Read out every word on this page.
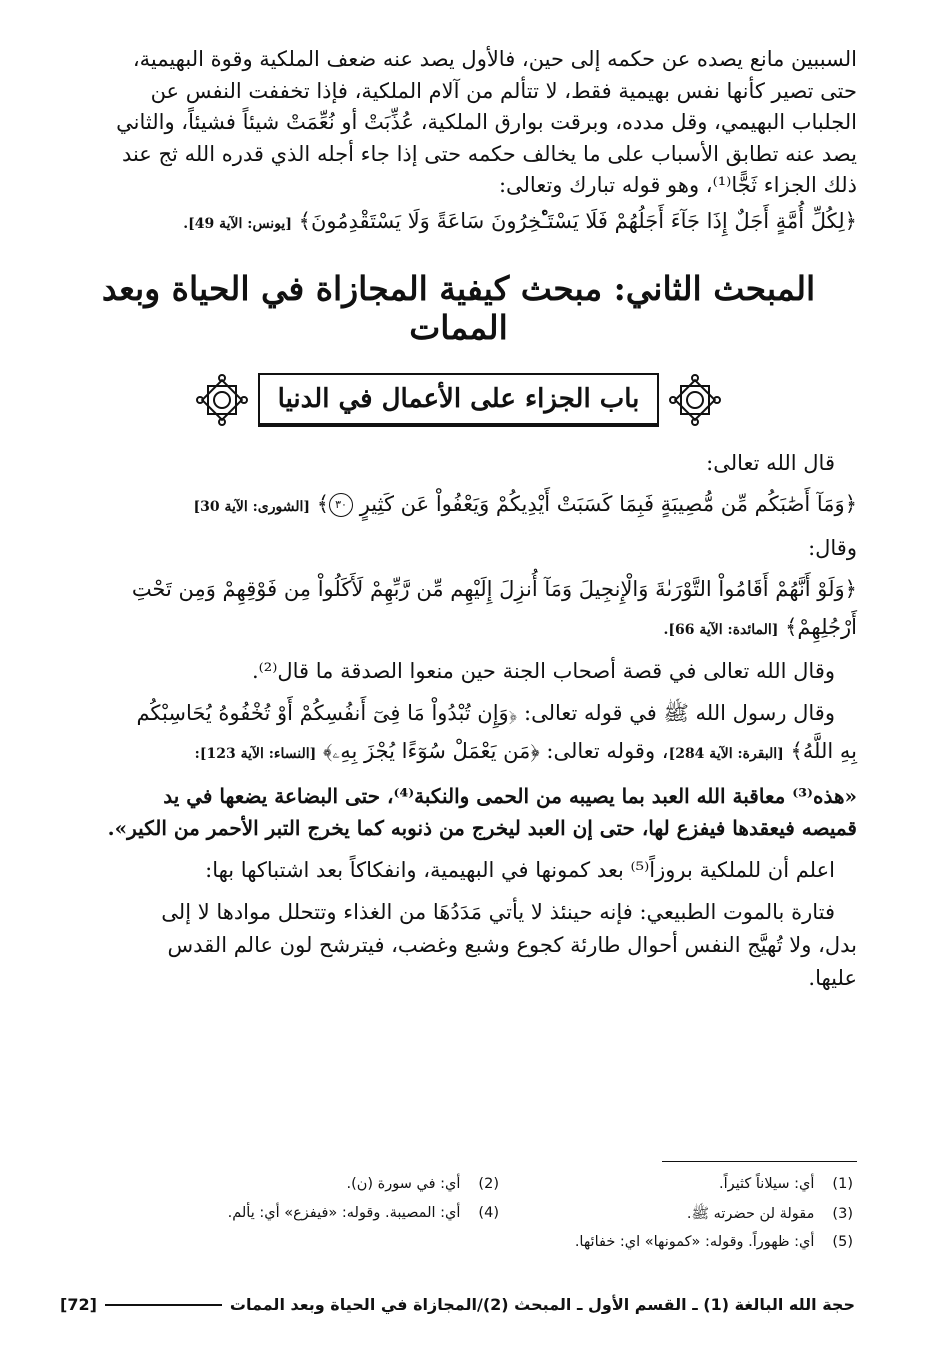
السببين مانع يصده عن حكمه إلى حين، فالأول يصد عنه ضعف الملكية وقوة البهيمية،

حتى تصير كأنها نفس بهيمية فقط، لا تتألم من آلام الملكية، فإذا تخففت النفس عن

الجلباب البهيمي، وقل مدده، وبرقت بوارق الملكية، عُذِّبَتْ أو نُعِّمَتْ شيئاً فشيئاً، والثاني

يصد عنه تطابق الأسباب على ما يخالف حكمه حتى إذا جاء أجله الذي قدره الله ثج عند

ذلك الجزاء ثَجًّا⁽¹⁾، وهو قوله تبارك وتعالى:

﴿لِكُلِّ أُمَّةٍ أَجَلٌ إِذَا جَآءَ أَجَلُهُمْ فَلَا يَسْتَـْٔخِرُونَ سَاعَةً وَلَا يَسْتَقْدِمُونَ﴾ [يونس: الآية 49].

المبحث الثاني: مبحث كيفية المجازاة في الحياة وبعد الممات
باب الجزاء على الأعمال في الدنيا

قال الله تعالى:

﴿وَمَآ أَصَٰبَكُم مِّن مُّصِيبَةٍ فَبِمَا كَسَبَتْ أَيْدِيكُمْ وَيَعْفُواْ عَن كَثِيرٍ ٣٠﴾ [الشورى: الآية 30]

وقال:

﴿وَلَوْ أَنَّهُمْ أَقَامُواْ التَّوْرَىٰةَ وَالْإِنجِيلَ وَمَآ أُنزِلَ إِلَيْهِم مِّن رَّبِّهِمْ لَأَكَلُواْ مِن فَوْقِهِمْ وَمِن تَحْتِ

أَرْجُلِهِمْ﴾ [المائدة: الآية 66].

وقال الله تعالى في قصة أصحاب الجنة حين منعوا الصدقة ما قال⁽²⁾.

وقال رسول الله ﷺ في قوله تعالى: ﴿وَإِن تُبْدُواْ مَا فِىٓ أَنفُسِكُمْ أَوْ تُخْفُوهُ يُحَاسِبْكُم

بِهِ اللَّهُ﴾ [البقرة: الآية 284]، وقوله تعالى: ﴿مَن يَعْمَلْ سُوٓءًا يُجْزَ بِهِۦ﴾ [النساء: الآية 123]:

«هذه⁽³⁾ معاقبة الله العبد بما يصيبه من الحمى والنكبة⁽⁴⁾، حتى البضاعة يضعها في يد

قميصه فيعقدها فيفزع لها، حتى إن العبد ليخرج من ذنوبه كما يخرج التبر الأحمر من الكير».

اعلم أن للملكية بروزاً⁽⁵⁾ بعد كمونها في البهيمية، وانفكاكاً بعد اشتباكها بها:

فتارة بالموت الطبيعي: فإنه حينئذ لا يأتي مَدَدُهَا من الغذاء وتتحلل موادها لا إلى

بدل، ولا تُهيَّج النفس أحوال طارئة كجوع وشبع وغضب، فيترشح لون عالم القدس

عليها.

(1) أي: سيلاناً كثيراً.
(2) أي: في سورة (ن).
(3) مقولة لن حضرته ﷺ.
(4) أي: المصيبة. وقوله: «فيفزع» أي: يألم.
(5) أي: ظهوراً. وقوله: «كمونها» اي: خفائها.
حجة الله البالغة (1) ـ القسم الأول ـ المبحث (2)/المجازاة في الحياة وبعد الممات
[72]
